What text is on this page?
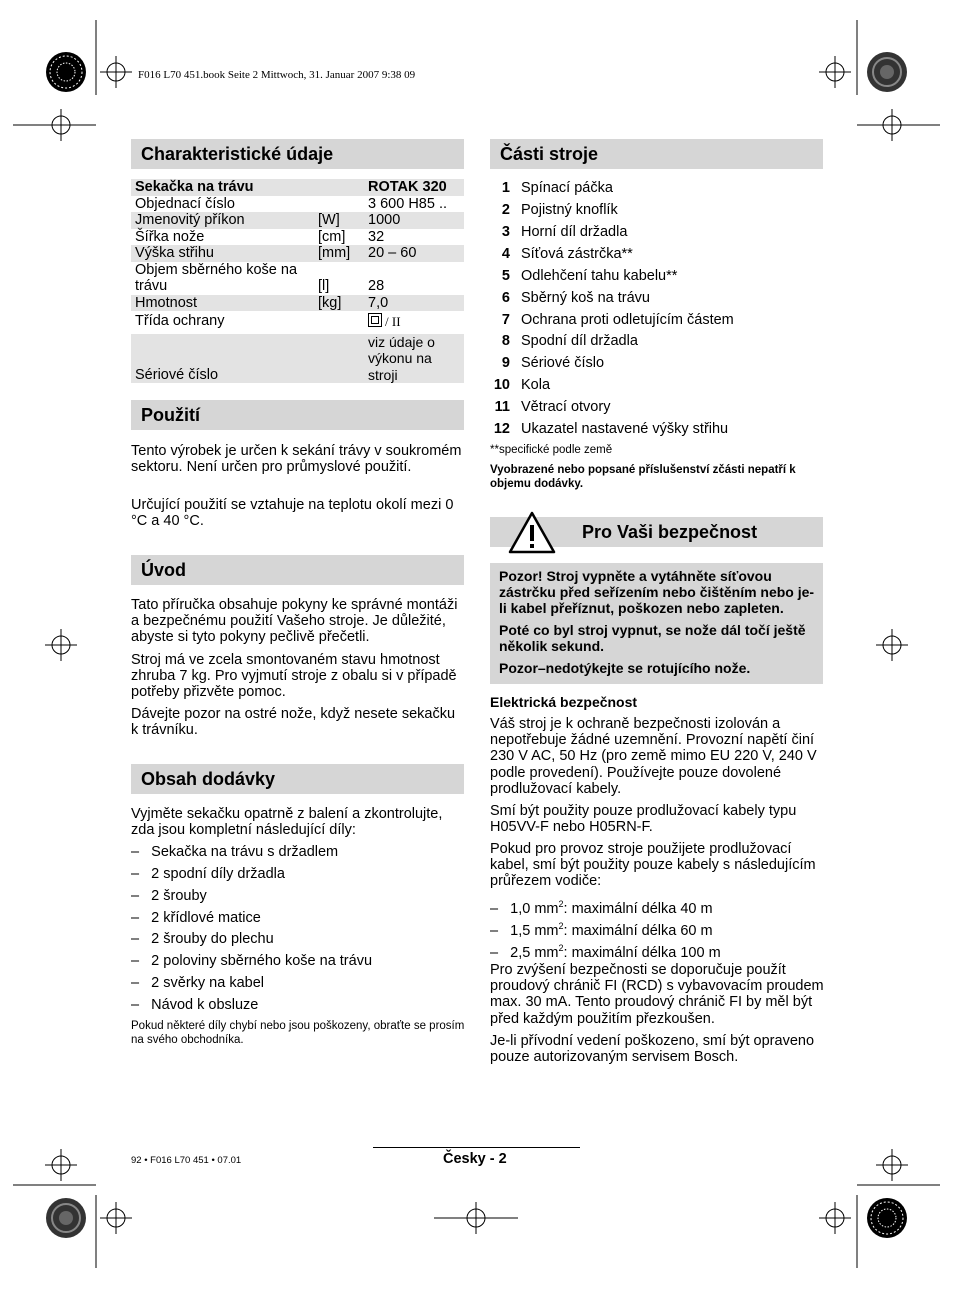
F016 L70 451.book Seite 2 Mittwoch, 31. Januar 2007 9:38 09
Charakteristické údaje
Sekačka na trávu		ROTAK 320
Objednací číslo		3 600 H85 ..
Jmenovitý příkon	[W]	1000
Šířka nože	[cm]	32
Výška střihu	[mm]	20 – 60
Objem sběrného koše na trávu	[l]	28
Hmotnost	[kg]	7,0
Třída ochrany		/ II
Sériové číslo		viz údaje o výkonu na stroji
Použití
Tento výrobek je určen k sekání trávy v soukromém sektoru. Není určen pro průmyslové použití.
Určující použití se vztahuje na teplotu okolí mezi 0 °C a 40 °C.
Úvod
Tato příručka obsahuje pokyny ke správné montáži a bezpečnému použití Vašeho stroje. Je důležité, abyste si tyto pokyny pečlivě přečetli.
Stroj má ve zcela smontovaném stavu hmotnost zhruba 7 kg. Pro vyjmutí stroje z obalu si v případě potřeby přizvěte pomoc.
Dávejte pozor na ostré nože, když nesete sekačku k trávníku.
Obsah dodávky
Vyjměte sekačku opatrně z balení a zkontrolujte, zda jsou kompletní následující díly:
–   Sekačka na trávu s držadlem
–   2 spodní díly držadla
–   2 šrouby
–   2 křídlové matice
–   2 šrouby do plechu
–   2 poloviny sběrného koše na trávu
–   2 svěrky na kabel
–   Návod k obsluze
Pokud některé díly chybí nebo jsou poškozeny, obraťte se prosím na svého obchodníka.
Části stroje
1 Spínací páčka
2 Pojistný knoflík
3 Horní díl držadla
4 Síťová zástrčka**
5 Odlehčení tahu kabelu**
6 Sběrný koš na trávu
7 Ochrana proti odletujícím částem
8 Spodní díl držadla
9 Sériové číslo
10 Kola
11 Větrací otvory
12 Ukazatel nastavené výšky střihu
**specifické podle země
Vyobrazené nebo popsané příslušenství zčásti nepatří k objemu dodávky.
Pro Vaši bezpečnost
Pozor! Stroj vypněte a vytáhněte síťovou zástrčku před seřízením nebo čištěním nebo je-li kabel přeříznut, poškozen nebo zapleten.
Poté co byl stroj vypnut, se nože dál točí ještě několik sekund.
Pozor–nedotýkejte se rotujícího nože.
Elektrická bezpečnost
Váš stroj je k ochraně bezpečnosti izolován a nepotřebuje žádné uzemnění. Provozní napětí činí 230 V AC, 50 Hz (pro země mimo EU 220 V, 240 V podle provedení). Používejte pouze dovolené prodlužovací kabely.
Smí být použity pouze prodlužovací kabely typu H05VV-F nebo H05RN-F.
Pokud pro provoz stroje použijete prodlužovací kabel, smí být použity pouze kabely s následujícím průřezem vodiče:
–   1,0 $mm^2$: maximální délka 40 m
–   1,5 $mm^2$: maximální délka 60 m
–   2,5 $mm^2$: maximální délka 100 m
Pro zvýšení bezpečnosti se doporučuje použít proudový chránič FI (RCD) s vybavovacím proudem max. 30 mA. Tento proudový chránič FI by měl být před každým použitím přezkoušen.
Je-li přívodní vedení poškozeno, smí být opraveno pouze autorizovaným servisem Bosch.
92 • F016 L70 451 • 07.01	Česky - 2
